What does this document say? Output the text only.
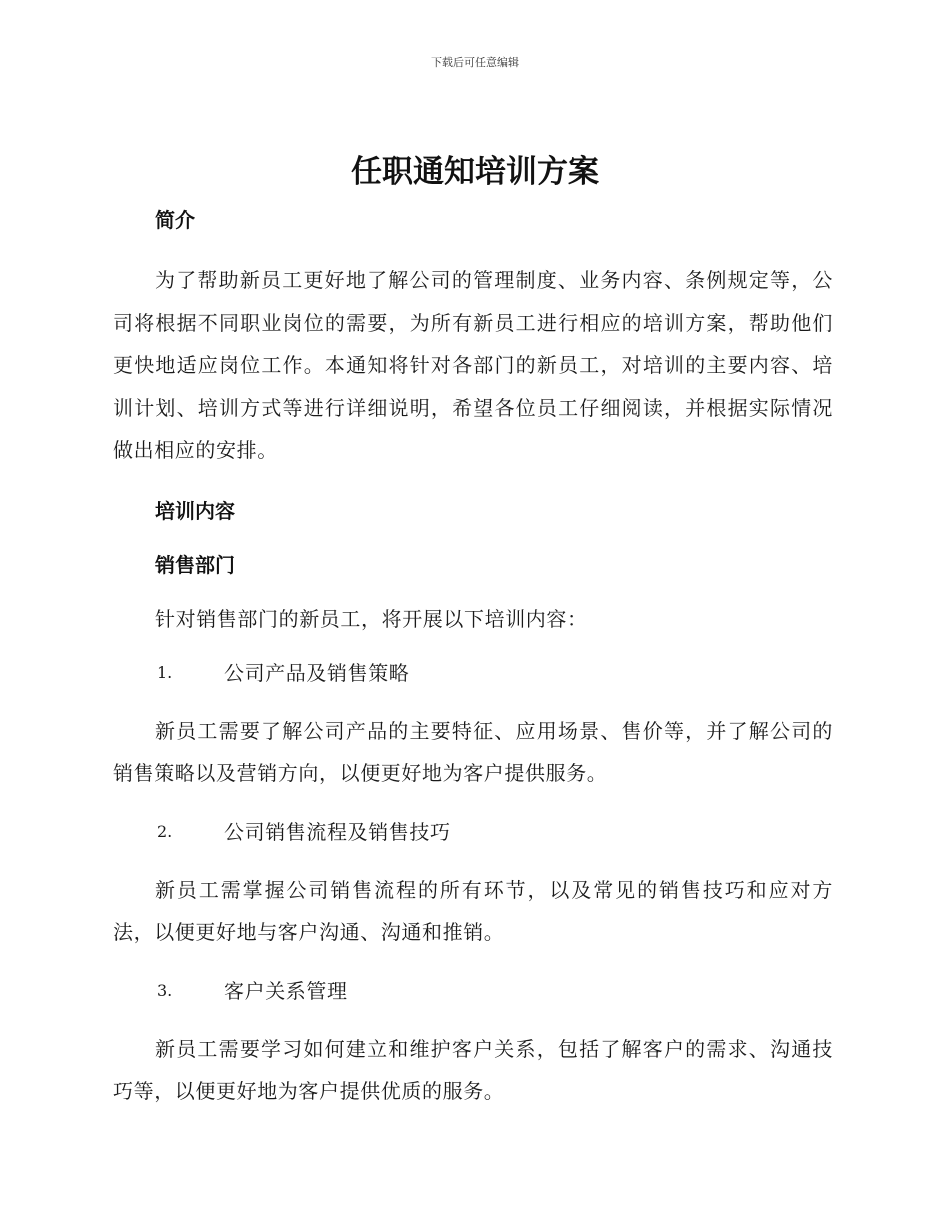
下载后可任意编辑
任职通知培训方案
简介

为了帮助新员工更好地了解公司的管理制度、业务内容、条例规定等，公司将根据不同职业岗位的需要，为所有新员工进行相应的培训方案，帮助他们更快地适应岗位工作。本通知将针对各部门的新员工，对培训的主要内容、培训计划、培训方式等进行详细说明，希望各位员工仔细阅读，并根据实际情况做出相应的安排。

培训内容
销售部门

针对销售部门的新员工，将开展以下培训内容：

1.	公司产品及销售策略

新员工需要了解公司产品的主要特征、应用场景、售价等，并了解公司的销售策略以及营销方向，以便更好地为客户提供服务。

2.	公司销售流程及销售技巧

新员工需掌握公司销售流程的所有环节，以及常见的销售技巧和应对方法，以便更好地与客户沟通、沟通和推销。

3.	客户关系管理

新员工需要学习如何建立和维护客户关系，包括了解客户的需求、沟通技巧等，以便更好地为客户提供优质的服务。
